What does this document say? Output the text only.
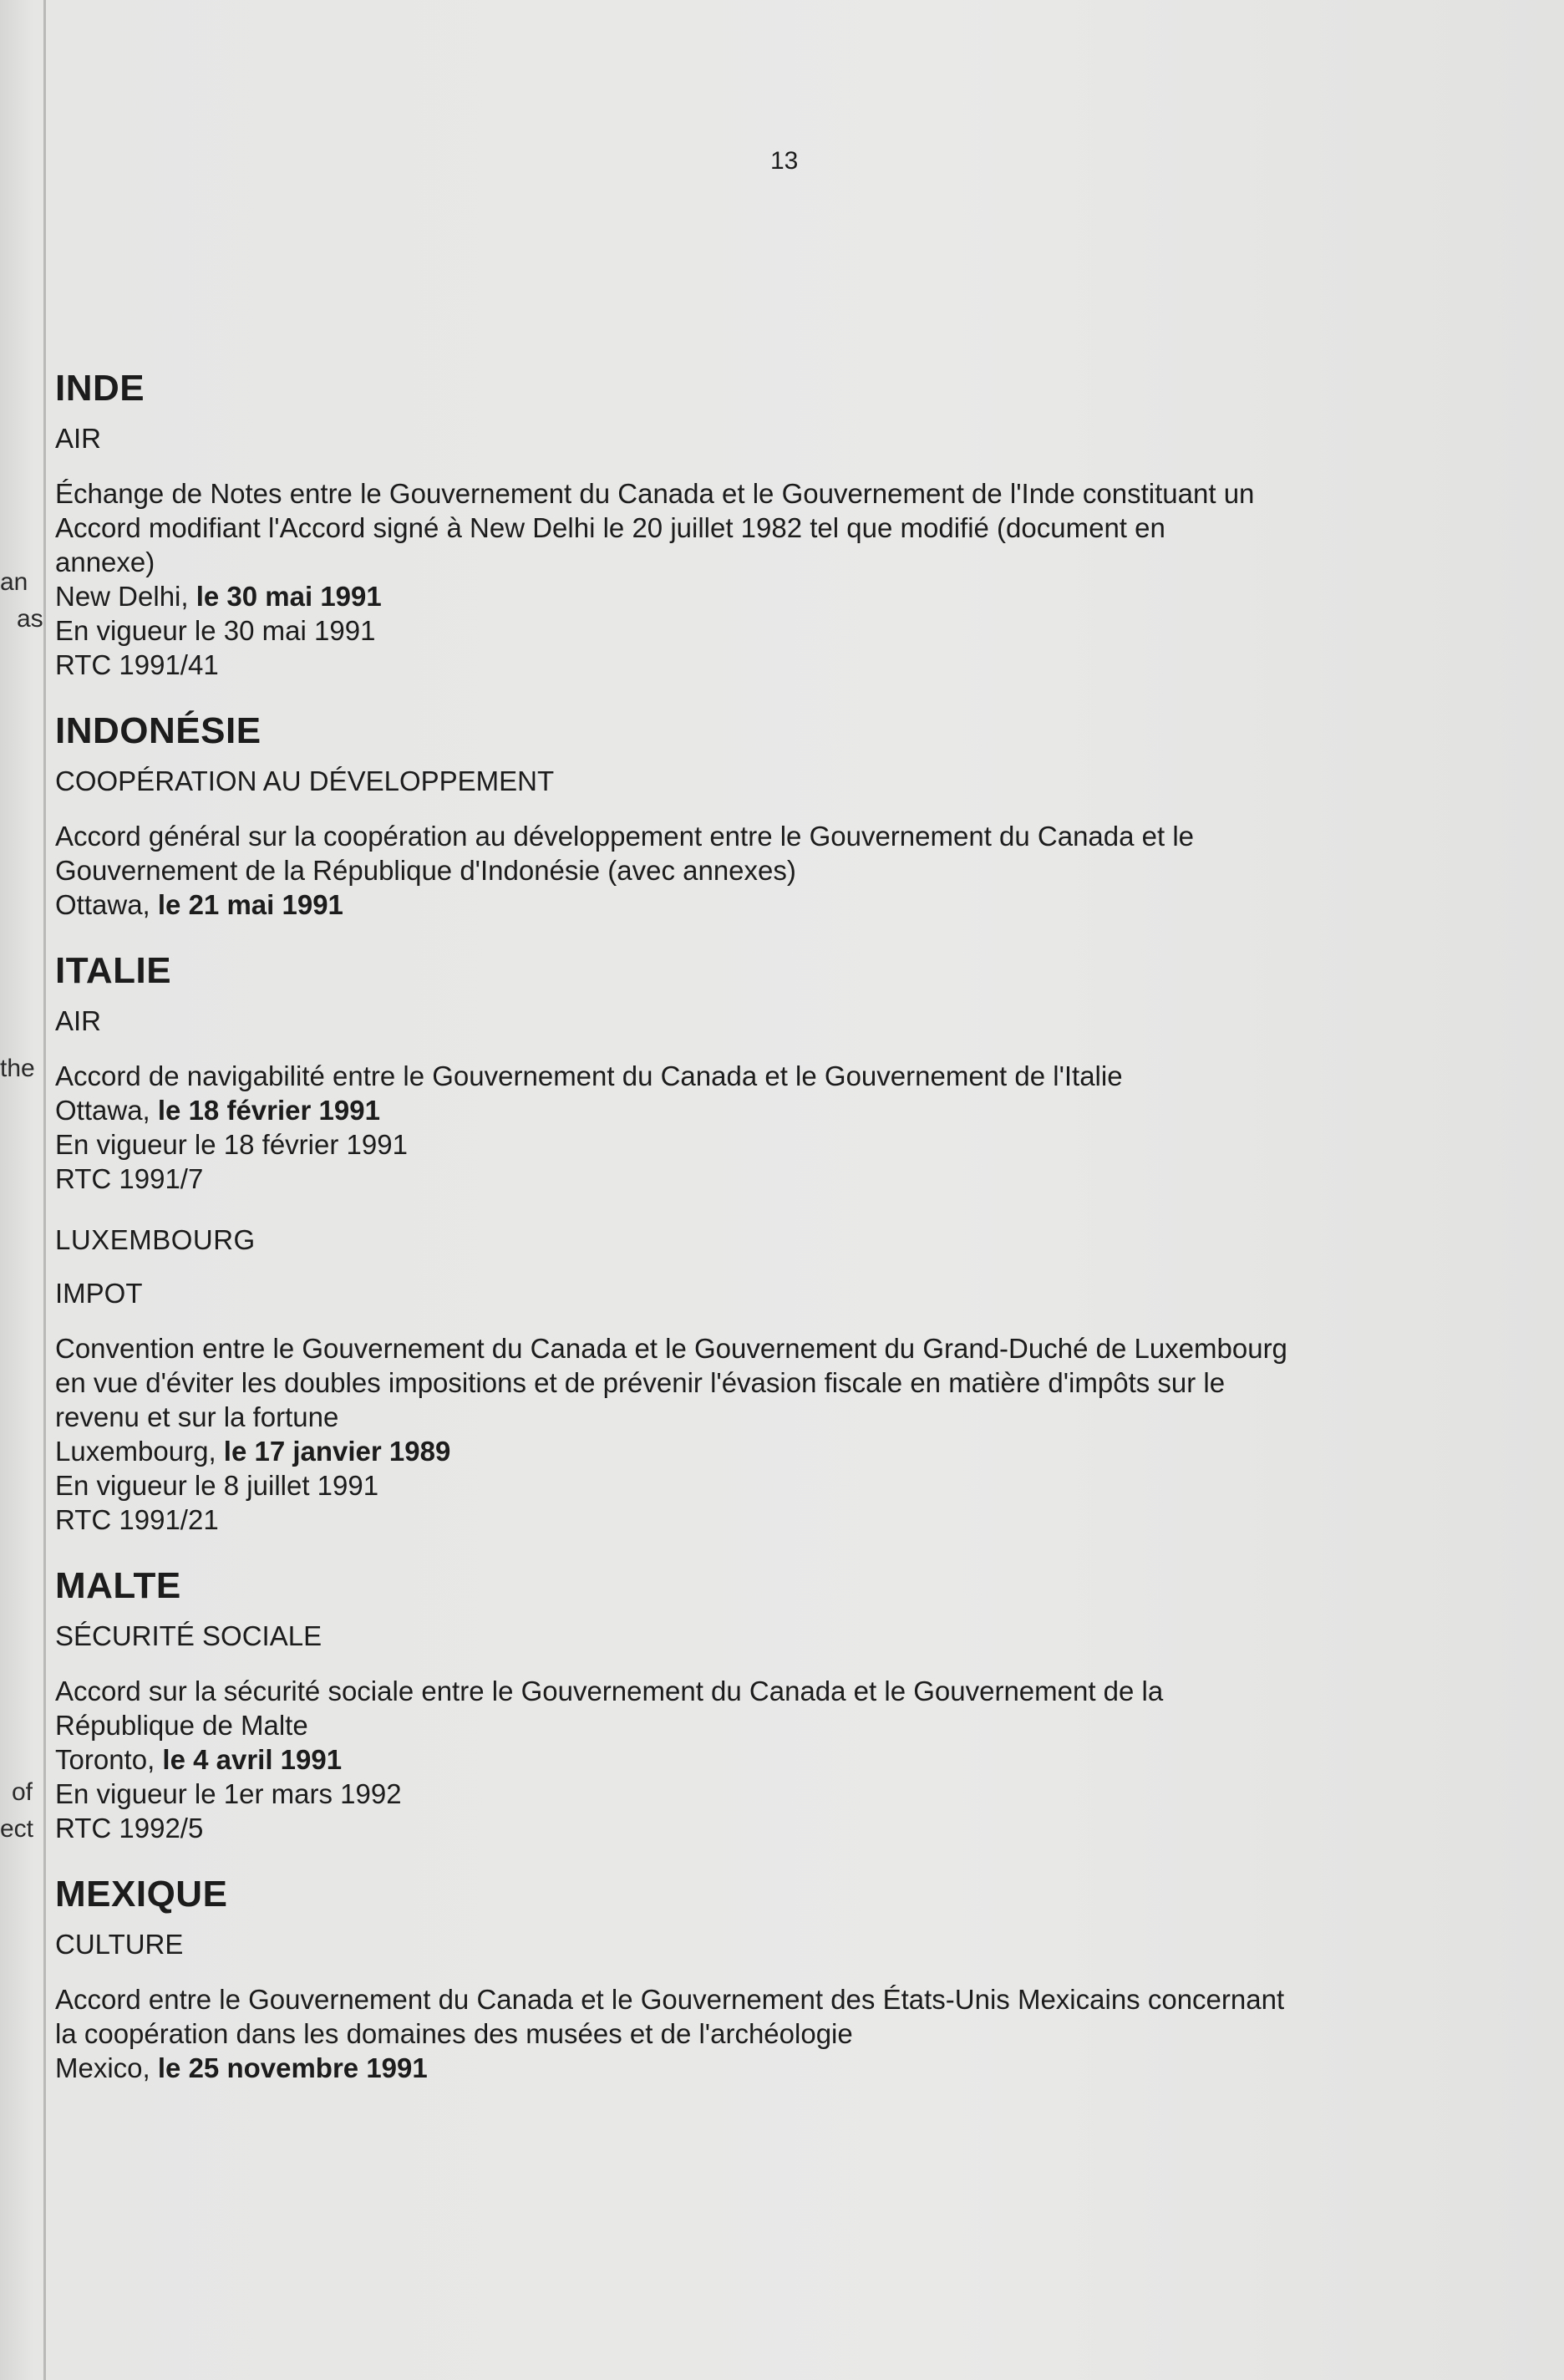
an
as
the
of
ect
13
INDE
AIR

Échange de Notes entre le Gouvernement du Canada et le Gouvernement de l'Inde constituant un

Accord modifiant l'Accord signé à New Delhi le 20 juillet 1982 tel que modifié (document en

annexe)

New Delhi, le 30 mai 1991

En vigueur le 30 mai 1991

RTC 1991/41

INDONÉSIE
COOPÉRATION AU DÉVELOPPEMENT

Accord général sur la coopération au développement entre le Gouvernement du Canada et le

Gouvernement de la République d'Indonésie (avec annexes)

Ottawa, le 21 mai 1991

ITALIE
AIR

Accord de navigabilité entre le Gouvernement du Canada et le Gouvernement de l'Italie

Ottawa, le 18 février 1991

En vigueur le 18 février 1991

RTC 1991/7

LUXEMBOURG
IMPOT

Convention entre le Gouvernement du Canada et le Gouvernement du Grand-Duché de Luxembourg

en vue d'éviter les doubles impositions et de prévenir l'évasion fiscale en matière d'impôts sur le

revenu et sur la fortune

Luxembourg, le 17 janvier 1989

En vigueur le 8 juillet 1991

RTC 1991/21

MALTE
SÉCURITÉ SOCIALE

Accord sur la sécurité sociale entre le Gouvernement du Canada et le Gouvernement de la

République de Malte

Toronto, le 4 avril 1991

En vigueur le 1er mars 1992

RTC 1992/5

MEXIQUE
CULTURE

Accord entre le Gouvernement du Canada et le Gouvernement des États-Unis Mexicains concernant

la coopération dans les domaines des musées et de l'archéologie

Mexico, le 25 novembre 1991
